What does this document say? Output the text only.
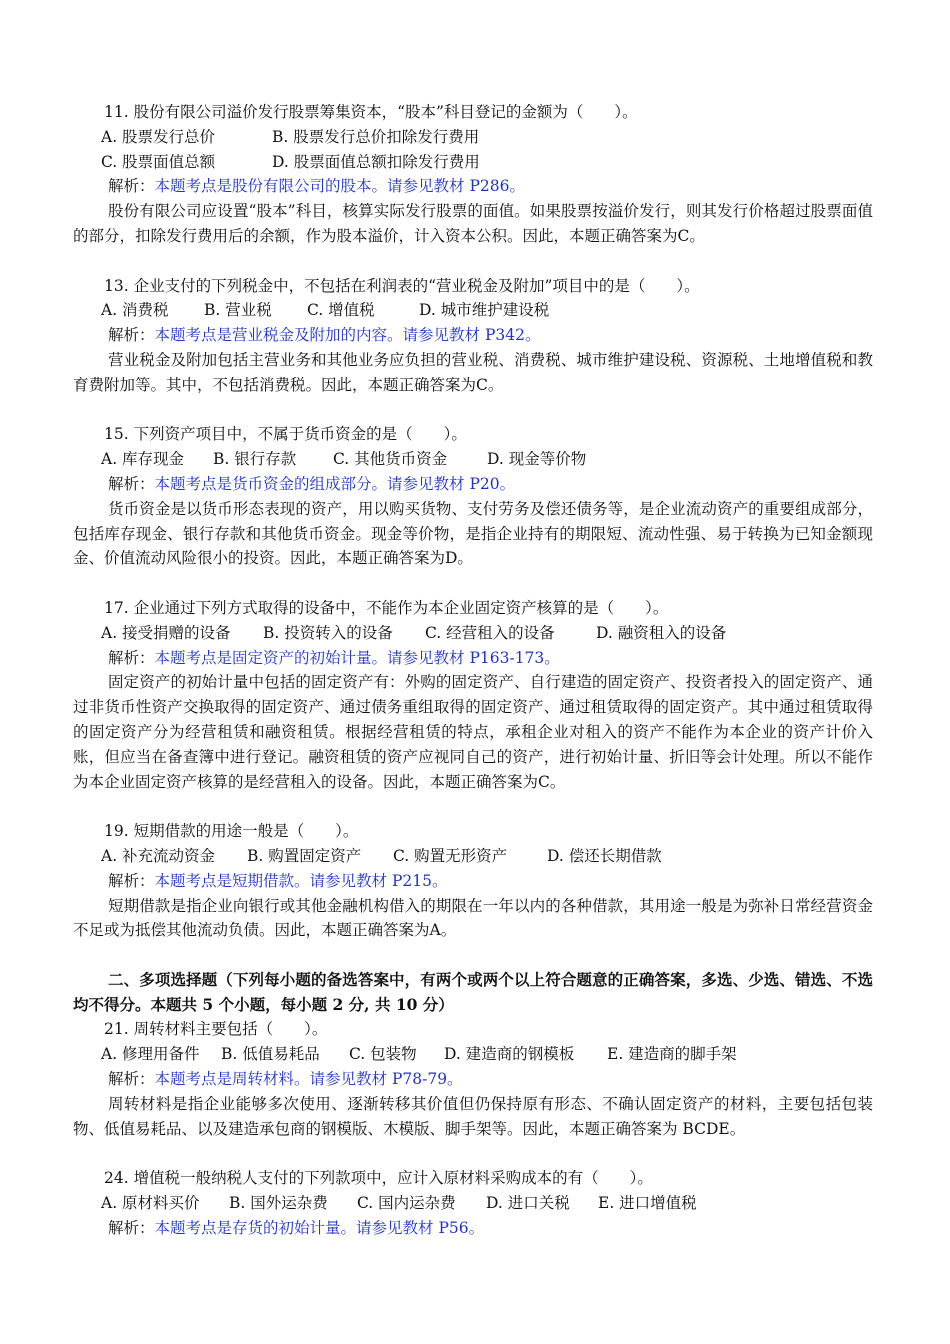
11. 股份有限公司溢价发行股票筹集资本，“股本”科目登记的金额为（　　）。
A. 股票发行总价	B. 股票发行总价扣除发行费用
C. 股票面值总额	D. 股票面值总额扣除发行费用
解析：本题考点是股份有限公司的股本。请参见教材 P286。
股份有限公司应设置“股本”科目，核算实际发行股票的面值。如果股票按溢价发行，则其发行价格超过股票面值的部分，扣除发行费用后的余额，作为股本溢价，计入资本公积。因此，本题正确答案为C。
13. 企业支付的下列税金中，不包括在利润表的“营业税金及附加”项目中的是（　　）。
A. 消费税 B. 营业税 C. 增值税	D. 城市维护建设税
解析：本题考点是营业税金及附加的内容。请参见教材 P342。
营业税金及附加包括主营业务和其他业务应负担的营业税、消费税、城市维护建设税、资源税、土地增值税和教育费附加等。其中，不包括消费税。因此，本题正确答案为C。
15. 下列资产项目中，不属于货币资金的是（　　）。
A. 库存现金 B. 银行存款 C. 其他货币资金	D. 现金等价物
解析：本题考点是货币资金的组成部分。请参见教材 P20。
货币资金是以货币形态表现的资产，用以购买货物、支付劳务及偿还债务等，是企业流动资产的重要组成部分，包括库存现金、银行存款和其他货币资金。现金等价物，是指企业持有的期限短、流动性强、易于转换为已知金额现金、价值流动风险很小的投资。因此，本题正确答案为D。
17. 企业通过下列方式取得的设备中，不能作为本企业固定资产核算的是（　　）。
A. 接受捐赠的设备 B. 投资转入的设备 C. 经营租入的设备	D. 融资租入的设备
解析：本题考点是固定资产的初始计量。请参见教材 P163-173。
固定资产的初始计量中包括的固定资产有：外购的固定资产、自行建造的固定资产、投资者投入的固定资产、通过非货币性资产交换取得的固定资产、通过债务重组取得的固定资产、通过租赁取得的固定资产。其中通过租赁取得的固定资产分为经营租赁和融资租赁。根据经营租赁的特点，承租企业对租入的资产不能作为本企业的资产计价入账，但应当在备查簿中进行登记。融资租赁的资产应视同自己的资产，进行初始计量、折旧等会计处理。所以不能作为本企业固定资产核算的是经营租入的设备。因此，本题正确答案为C。
19. 短期借款的用途一般是（　　）。
A. 补充流动资金 B. 购置固定资产 C. 购置无形资产	D. 偿还长期借款
解析：本题考点是短期借款。请参见教材 P215。
短期借款是指企业向银行或其他金融机构借入的期限在一年以内的各种借款，其用途一般是为弥补日常经营资金不足或为抵偿其他流动负债。因此，本题正确答案为A。
二、多项选择题（下列每小题的备选答案中，有两个或两个以上符合题意的正确答案，多选、少选、错选、不选均不得分。本题共 5 个小题，每小题 2 分, 共 10 分）
21. 周转材料主要包括（　　）。
A. 修理用备件 B. 低值易耗品 C. 包装物 D. 建造商的钢模板 E. 建造商的脚手架
解析：本题考点是周转材料。请参见教材 P78-79。
周转材料是指企业能够多次使用、逐渐转移其价值但仍保持原有形态、不确认固定资产的材料，主要包括包装物、低值易耗品、以及建造承包商的钢模版、木模版、脚手架等。因此，本题正确答案为 BCDE。
24. 增值税一般纳税人支付的下列款项中，应计入原材料采购成本的有（　　）。
A. 原材料买价 B. 国外运杂费 C. 国内运杂费 D. 进口关税 E. 进口增值税
解析：本题考点是存货的初始计量。请参见教材 P56。
